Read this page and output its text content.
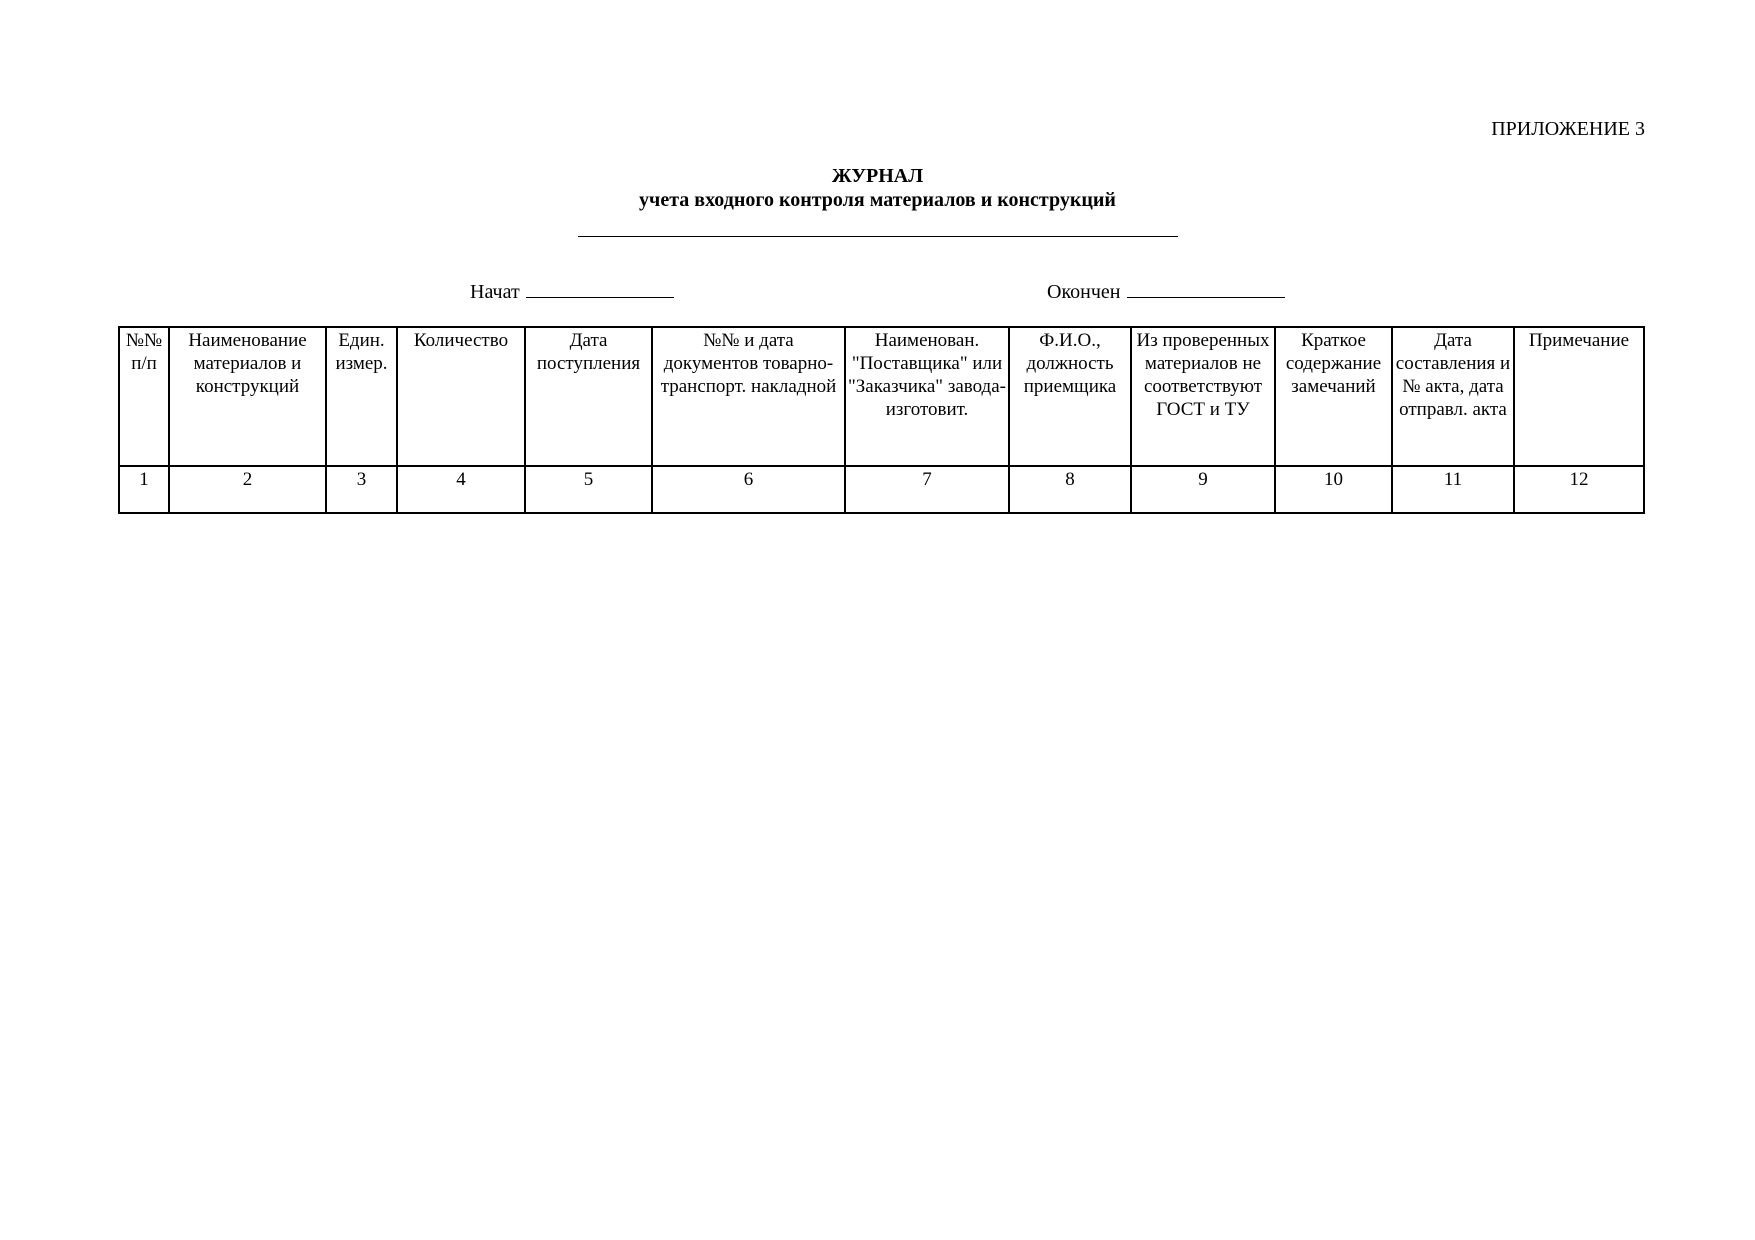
ПРИЛОЖЕНИЕ 3
ЖУРНАЛ
учета входного контроля материалов и конструкций
Начат	Окончен
№№ п/п	Наименование материалов и конструкций	Един. измер.	Количество	Дата поступления	№№ и дата документов товарно-транспорт. накладной	Наименован. "Поставщика" или "Заказчика" завода-изготовит.	Ф.И.О., должность приемщика	Из проверенных материалов не соответствуют ГОСТ и ТУ	Краткое содержание замечаний	Дата составления и № акта, дата отправл. акта	Примечание
1	2	3	4	5	6	7	8	9	10	11	12
